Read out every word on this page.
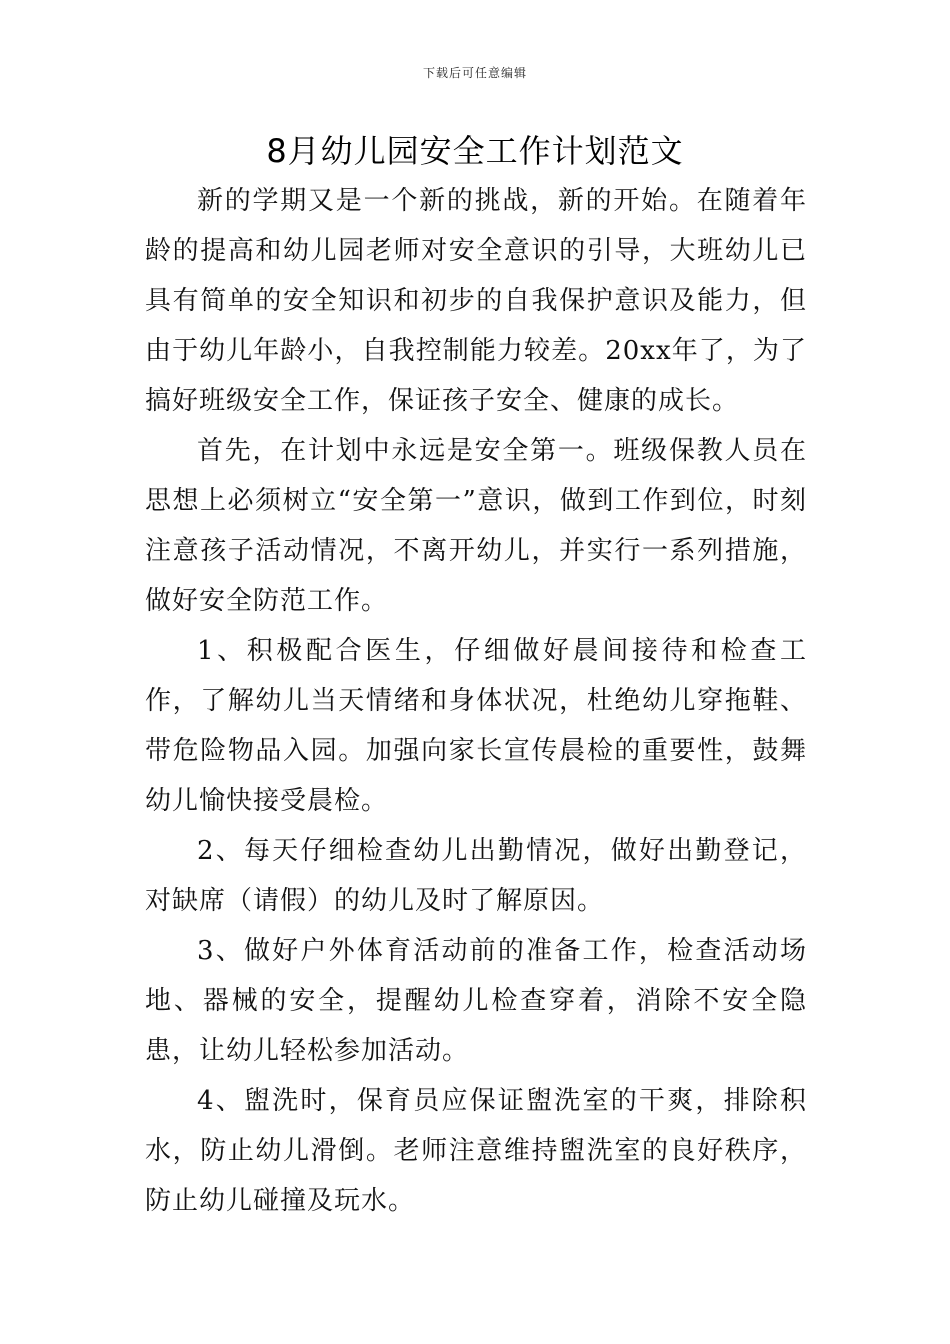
下载后可任意编辑
8月幼儿园安全工作计划范文

新的学期又是一个新的挑战，新的开始。在随着年龄的提高和幼儿园老师对安全意识的引导，大班幼儿已具有简单的安全知识和初步的自我保护意识及能力，但由于幼儿年龄小，自我控制能力较差。20xx年了，为了搞好班级安全工作，保证孩子安全、健康的成长。

首先，在计划中永远是安全第一。班级保教人员在思想上必须树立“安全第一”意识，做到工作到位，时刻注意孩子活动情况，不离开幼儿，并实行一系列措施，做好安全防范工作。

1、积极配合医生，仔细做好晨间接待和检查工作，了解幼儿当天情绪和身体状况，杜绝幼儿穿拖鞋、带危险物品入园。加强向家长宣传晨检的重要性，鼓舞幼儿愉快接受晨检。

2、每天仔细检查幼儿出勤情况，做好出勤登记，对缺席（请假）的幼儿及时了解原因。

3、做好户外体育活动前的准备工作，检查活动场地、器械的安全，提醒幼儿检查穿着，消除不安全隐患，让幼儿轻松参加活动。

4、盥洗时，保育员应保证盥洗室的干爽，排除积水，防止幼儿滑倒。老师注意维持盥洗室的良好秩序，防止幼儿碰撞及玩水。
